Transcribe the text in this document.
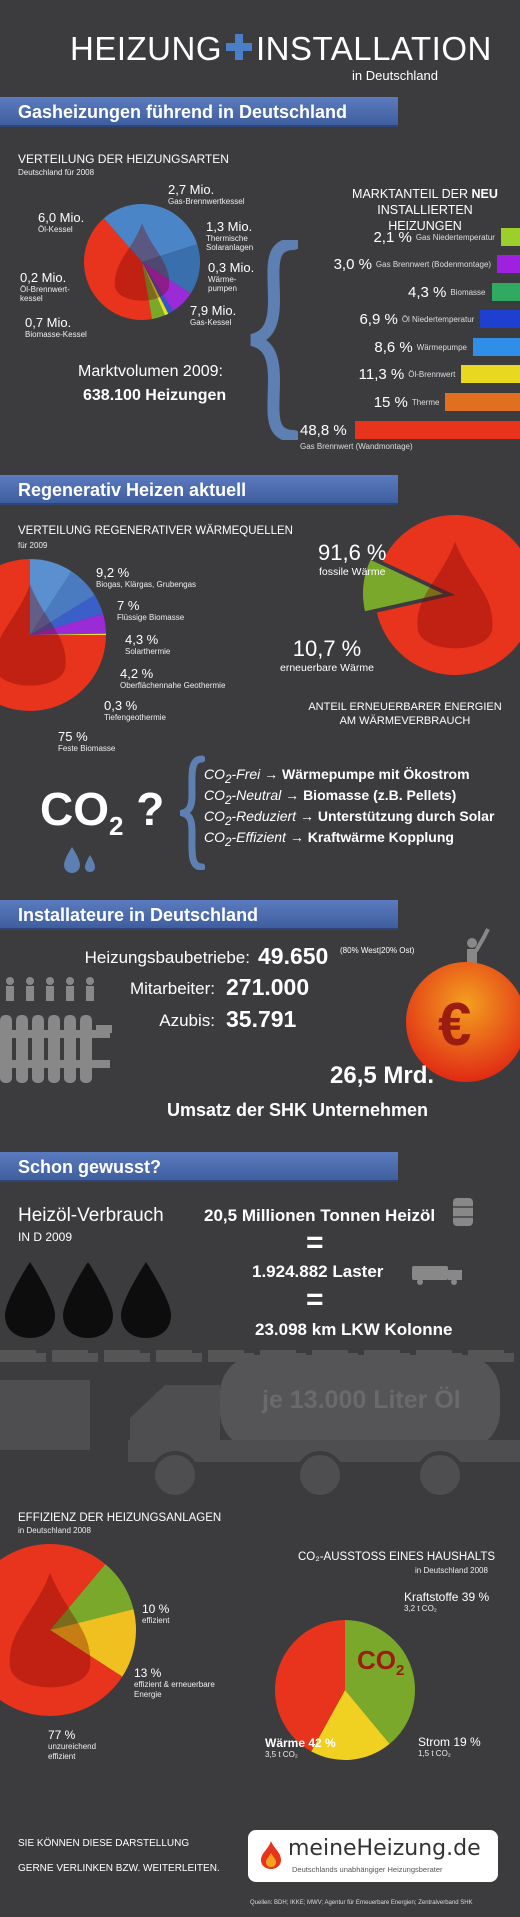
HEIZUNG INSTALLATION
in Deutschland
Gasheizungen führend in Deutschland
VERTEILUNG DER HEIZUNGSARTEN
Deutschland für 2008
2,7 Mio.
Gas-Brennwertkessel
6,0 Mio.
Öl-Kessel	1,3 Mio.
Thermische Solaranlagen
0,3 Mio.
Wärme- pumpen
0,2 Mio.
Öl-Brennwert- kessel
7,9 Mio.
Gas-Kessel
0,7 Mio.
Biomasse-Kessel
Marktvolumen 2009:
638.100 Heizungen
MARKTANTEIL DER NEU
INSTALLIERTEN HEIZUNGEN
2,1 % Gas Niedertemperatur
3,0 % Gas Brennwert (Bodenmontage)
4,3 % Biomasse
6,9 % Öl Niedertemperatur
8,6 % Wärmepumpe
11,3 % Öl-Brennwert
15 % Therme
48,8 %
Gas Brennwert (Wandmontage)
Regenerativ Heizen aktuell
VERTEILUNG REGENERATIVER WÄRMEQUELLEN
für 2009
9,2 %
Biogas, Klärgas, Grubengas
7 %
Flüssige Biomasse
4,3 %
Solarthermie
4,2 %
Oberflächennahe Geothermie
0,3 %
Tiefengeothermie
75 %
Feste Biomasse
91,6 %
fossile Wärme
10,7 %
erneuerbare Wärme
ANTEIL ERNEUERBARER ENERGIEN
AM WÄRMEVERBRAUCH
$CO_2$ ?
$CO_2$-Frei → Wärmepumpe mit Ökostrom
$CO_2$-Neutral → Biomasse (z.B. Pellets)
$CO_2$-Reduziert → Unterstützung durch Solar
$CO_2$-Effizient → Kraftwärme Kopplung
Installateure in Deutschland
Heizungsbaubetriebe: 49.650 (80% West|20% Ost)
Mitarbeiter: 271.000
Azubis: 35.791 €
26,5 Mrd.
Umsatz der SHK Unternehmen
Schon gewusst?
Heizöl-Verbrauch
IN D 2009
20,5 Millionen Tonnen Heizöl
=
1.924.882 Laster
=
23.098 km LKW Kolonne
je 13.000 Liter Öl
EFFIZIENZ DER HEIZUNGSANLAGEN
in Deutschland 2008
10 %
effizient
13 %
effizient & erneuerbare Energie
77 %
unzureichend effizient
CO₂-AUSSTOSS EINES HAUSHALTS
in Deutschland 2008
$CO_2$
Kraftstoffe 39 %
3,2 t CO₂
Wärme 42 %
3,5 t CO₂
Strom 19 %
1,5 t CO₂
SIE KÖNNEN DIESE DARSTELLUNG
GERNE VERLINKEN BZW. WEITERLEITEN.
meineHeizung.de
Deutschlands unabhängiger Heizungsberater
Quellen: BDH; IKKE; MWV; Agentur für Erneuerbare Energien; Zentralverband SHK
